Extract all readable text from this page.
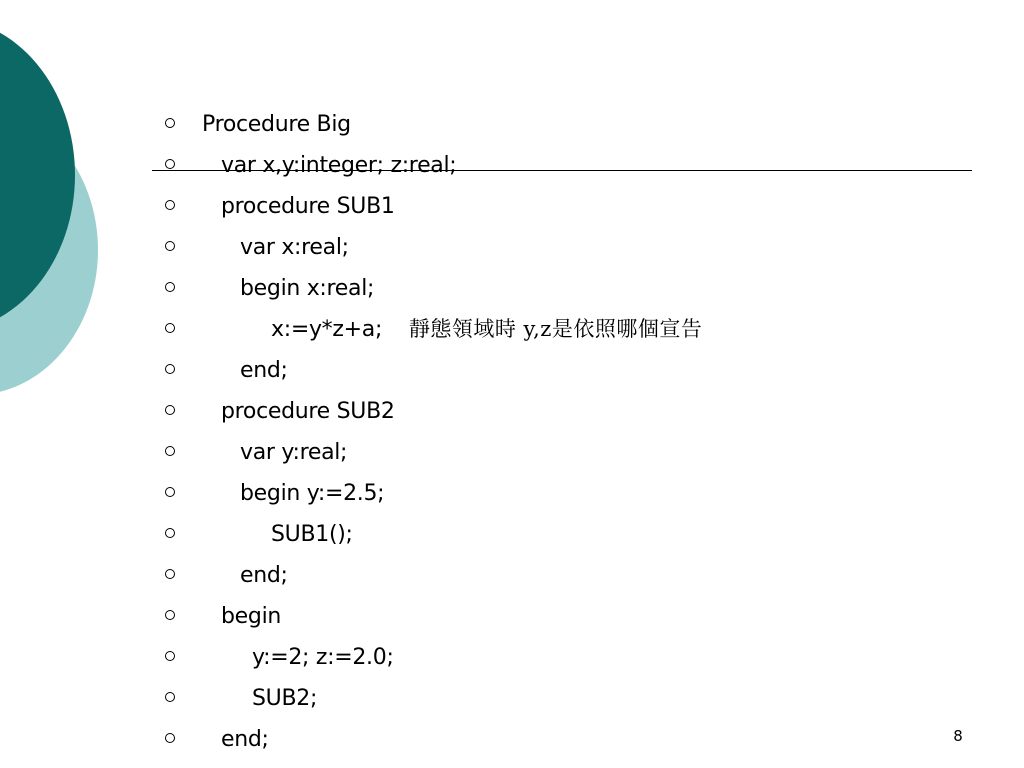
Procedure Big

var x,y:integer; z:real;

procedure SUB1

var x:real;

begin x:real;

x:=y*z+a; 靜態領域時 y,z是依照哪個宣告

end;

procedure SUB2

var y:real;

begin y:=2.5;

SUB1();

end;

begin

y:=2; z:=2.0;

SUB2;

end;

	8
